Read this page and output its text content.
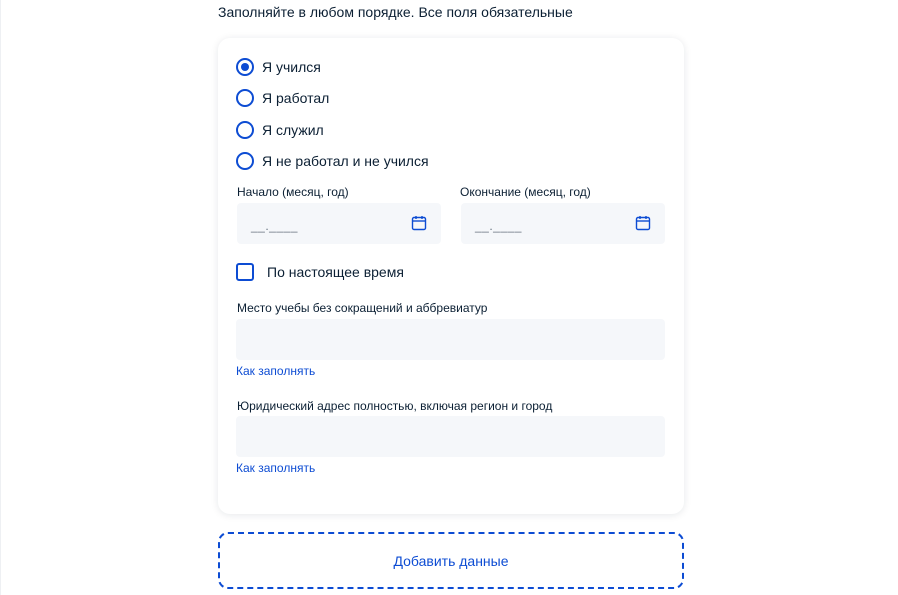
Заполняйте в любом порядке. Все поля обязательные
Я учился
Я работал
Я служил
Я не работал и не учился
Начало (месяц, год)
__.____
Окончание (месяц, год)
__.____
По настоящее время
Место учебы без сокращений и аббревиатур
Как заполнять
Юридический адрес полностью, включая регион и город
Как заполнять
Добавить данные
